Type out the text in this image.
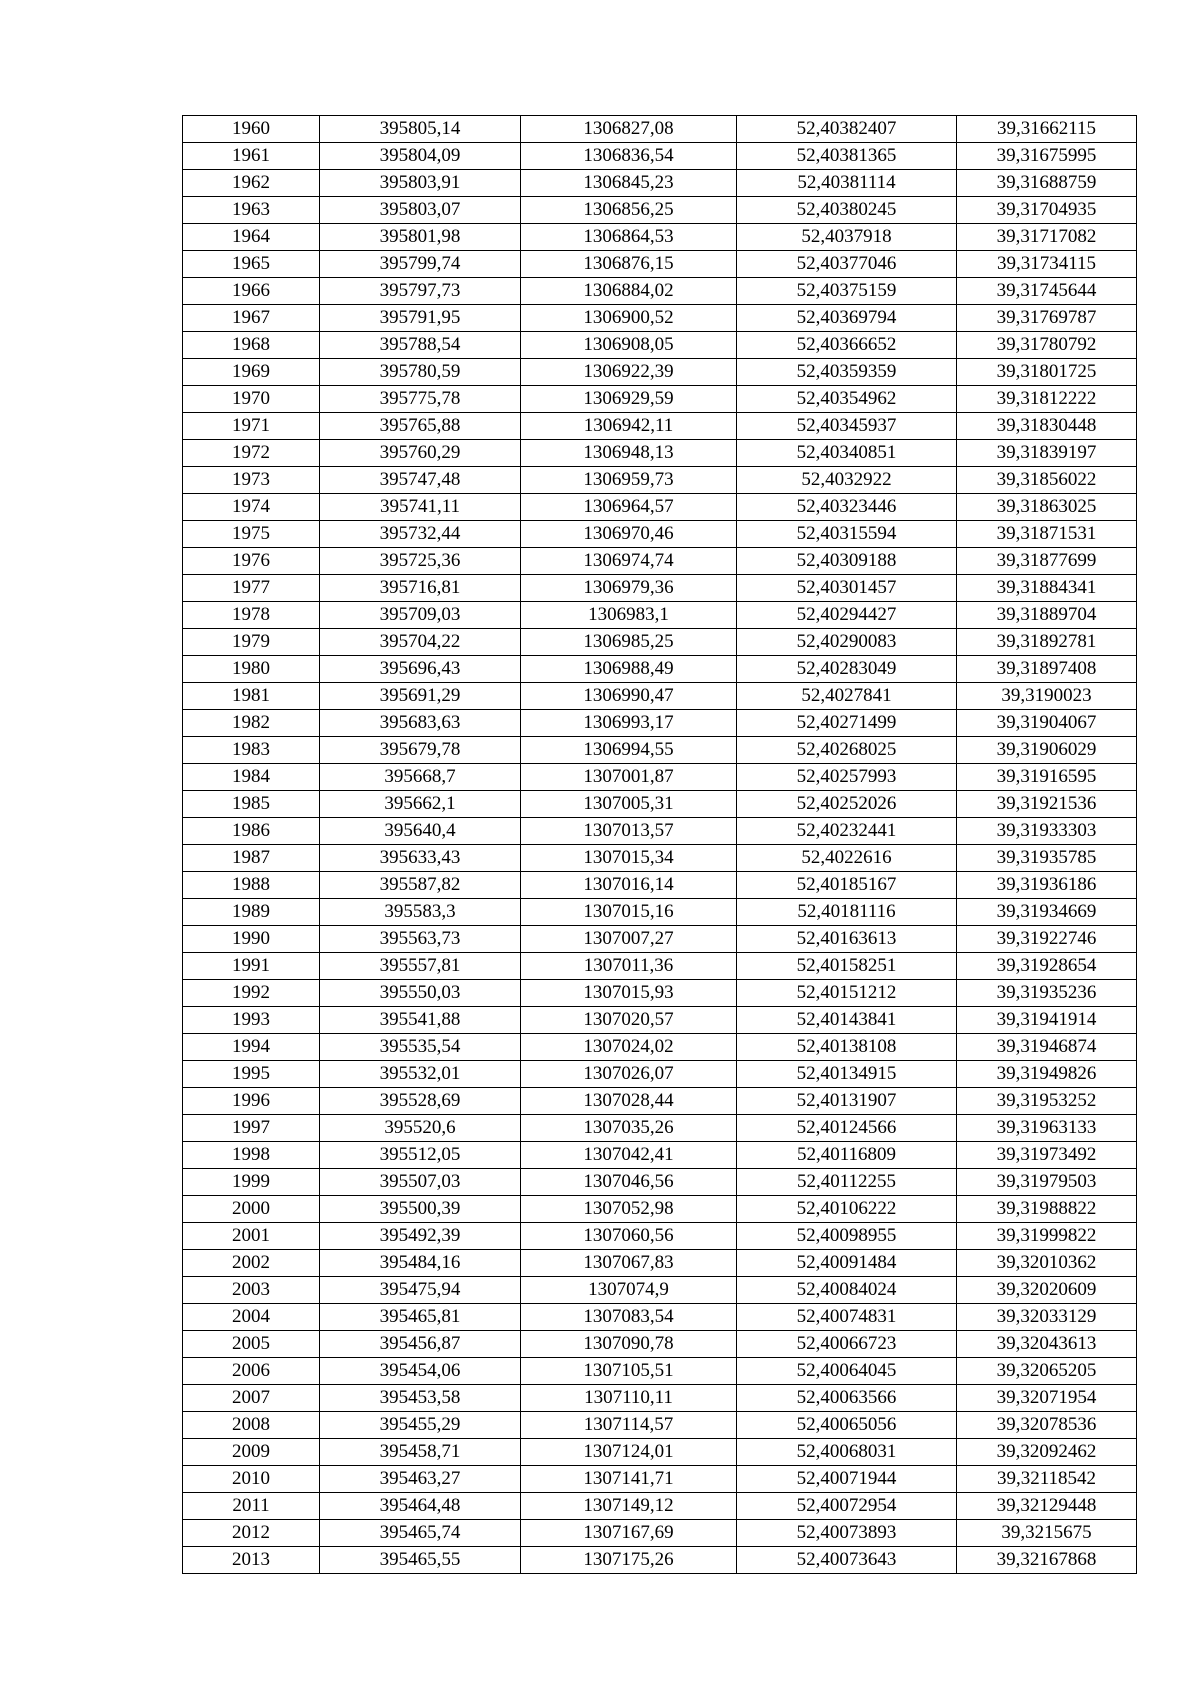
1960	395805,14	1306827,08	52,40382407	39,31662115
1961	395804,09	1306836,54	52,40381365	39,31675995
1962	395803,91	1306845,23	52,40381114	39,31688759
1963	395803,07	1306856,25	52,40380245	39,31704935
1964	395801,98	1306864,53	52,4037918	39,31717082
1965	395799,74	1306876,15	52,40377046	39,31734115
1966	395797,73	1306884,02	52,40375159	39,31745644
1967	395791,95	1306900,52	52,40369794	39,31769787
1968	395788,54	1306908,05	52,40366652	39,31780792
1969	395780,59	1306922,39	52,40359359	39,31801725
1970	395775,78	1306929,59	52,40354962	39,31812222
1971	395765,88	1306942,11	52,40345937	39,31830448
1972	395760,29	1306948,13	52,40340851	39,31839197
1973	395747,48	1306959,73	52,4032922	39,31856022
1974	395741,11	1306964,57	52,40323446	39,31863025
1975	395732,44	1306970,46	52,40315594	39,31871531
1976	395725,36	1306974,74	52,40309188	39,31877699
1977	395716,81	1306979,36	52,40301457	39,31884341
1978	395709,03	1306983,1	52,40294427	39,31889704
1979	395704,22	1306985,25	52,40290083	39,31892781
1980	395696,43	1306988,49	52,40283049	39,31897408
1981	395691,29	1306990,47	52,4027841	39,3190023
1982	395683,63	1306993,17	52,40271499	39,31904067
1983	395679,78	1306994,55	52,40268025	39,31906029
1984	395668,7	1307001,87	52,40257993	39,31916595
1985	395662,1	1307005,31	52,40252026	39,31921536
1986	395640,4	1307013,57	52,40232441	39,31933303
1987	395633,43	1307015,34	52,4022616	39,31935785
1988	395587,82	1307016,14	52,40185167	39,31936186
1989	395583,3	1307015,16	52,40181116	39,31934669
1990	395563,73	1307007,27	52,40163613	39,31922746
1991	395557,81	1307011,36	52,40158251	39,31928654
1992	395550,03	1307015,93	52,40151212	39,31935236
1993	395541,88	1307020,57	52,40143841	39,31941914
1994	395535,54	1307024,02	52,40138108	39,31946874
1995	395532,01	1307026,07	52,40134915	39,31949826
1996	395528,69	1307028,44	52,40131907	39,31953252
1997	395520,6	1307035,26	52,40124566	39,31963133
1998	395512,05	1307042,41	52,40116809	39,31973492
1999	395507,03	1307046,56	52,40112255	39,31979503
2000	395500,39	1307052,98	52,40106222	39,31988822
2001	395492,39	1307060,56	52,40098955	39,31999822
2002	395484,16	1307067,83	52,40091484	39,32010362
2003	395475,94	1307074,9	52,40084024	39,32020609
2004	395465,81	1307083,54	52,40074831	39,32033129
2005	395456,87	1307090,78	52,40066723	39,32043613
2006	395454,06	1307105,51	52,40064045	39,32065205
2007	395453,58	1307110,11	52,40063566	39,32071954
2008	395455,29	1307114,57	52,40065056	39,32078536
2009	395458,71	1307124,01	52,40068031	39,32092462
2010	395463,27	1307141,71	52,40071944	39,32118542
2011	395464,48	1307149,12	52,40072954	39,32129448
2012	395465,74	1307167,69	52,40073893	39,3215675
2013	395465,55	1307175,26	52,40073643	39,32167868
